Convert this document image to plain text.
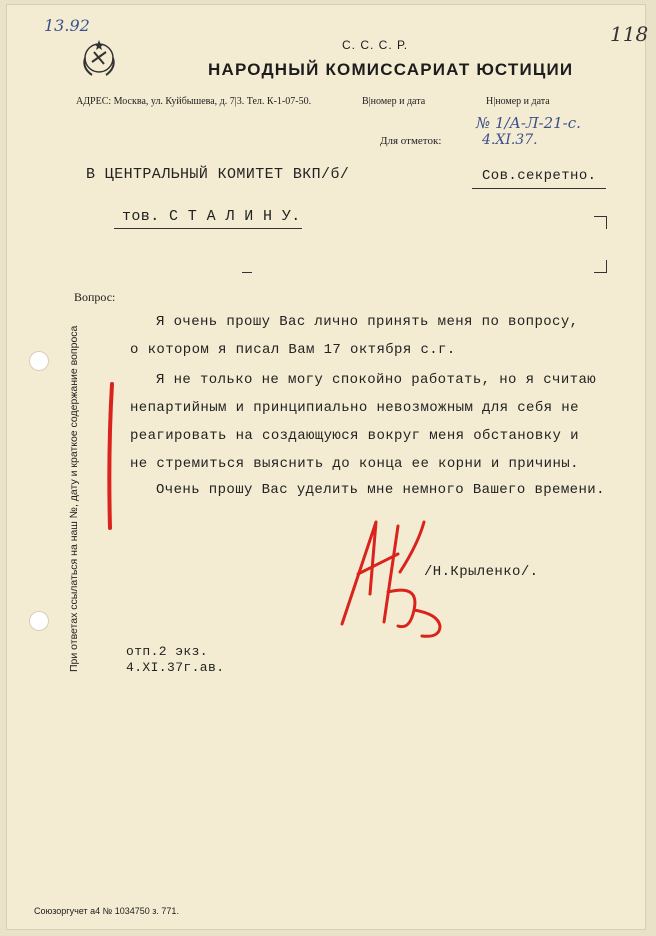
13.92	118
С. С. С. Р.
НАРОДНЫЙ КОМИССАРИАТ ЮСТИЦИИ
АДРЕС: Москва, ул. Куйбышева, д. 7|3. Тел. К-1-07-50.	В|номер и дата	Н|номер и дата
Для отметок:
№ 1/А-Л-21-с.
4.XI.37.
В ЦЕНТРАЛЬНЫЙ КОМИТЕТ ВКП/б/	Сов.секретно.
тов. С Т А Л И Н У.
Вопрос:
Я очень прошу Вас лично принять меня по вопросу,
о котором я писал Вам 17 октября с.г.
Я не только не могу спокойно работать, но я считаю
непартийным и принципиально невозможным для себя не
реагировать на создающуюся вокруг меня обстановку и
не стремиться выяснить до конца ее корни и причины.
Очень прошу Вас уделить мне немного Вашего времени.
/Н.Крыленко/.
отп.2 экз.
4.XI.37г.ав.
При ответах ссылаться на наш №, дату и краткое содержание вопроса
Союзоргучет а4 № 1034750 з. 771.
